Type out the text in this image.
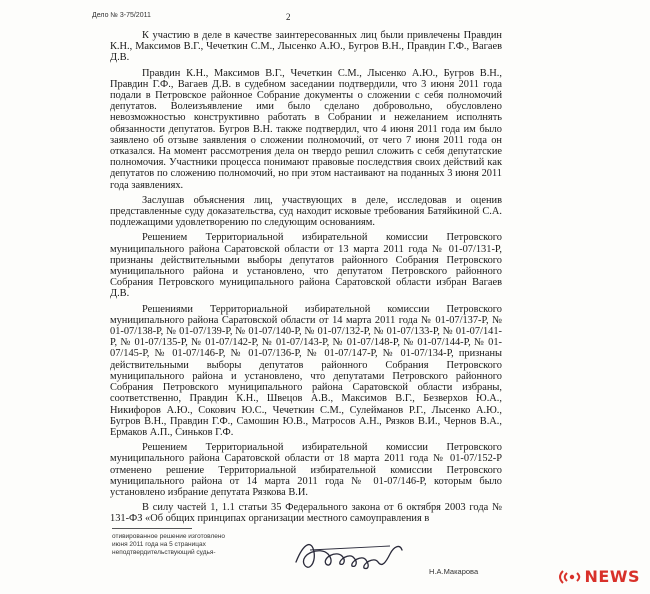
Дело № 3-75/2011	2

К участию в деле в качестве заинтересованных лиц были привлечены Правдин К.Н., Максимов В.Г., Чечеткин С.М., Лысенко А.Ю., Бугров В.Н., Правдин Г.Ф., Вагаев Д.В.

Правдин К.Н., Максимов В.Г., Чечеткин С.М., Лысенко А.Ю., Бугров В.Н., Правдин Г.Ф., Вагаев Д.В. в судебном заседании подтвердили, что 3 июня 2011 года подали в Петровское районное Собрание документы о сложении с себя полномочий депутатов. Волеизъявление ими было сделано добровольно, обусловлено невозможностью конструктивно работать в Собрании и нежеланием исполнять обязанности депутатов. Бугров В.Н. также подтвердил, что 4 июня 2011 года им было заявлено об отзыве заявления о сложении полномочий, от чего 7 июня 2011 года он отказался. На момент рассмотрения дела он твердо решил сложить с себя депутатские полномочия. Участники процесса понимают правовые последствия своих действий как депутатов по сложению полномочий, но при этом настаивают на поданных 3 июня 2011 года заявлениях.

Заслушав объяснения лиц, участвующих в деле, исследовав и оценив представленные суду доказательства, суд находит исковые требования Батяйкиной С.А. подлежащими удовлетворению по следующим основаниям.

Решением Территориальной избирательной комиссии Петровского муниципального района Саратовской области от 13 марта 2011 года № 01-07/131-Р, признаны действительными выборы депутатов районного Собрания Петровского муниципального района и установлено, что депутатом Петровского районного Собрания Петровского муниципального района Саратовской области избран Вагаев Д.В.

Решениями Территориальной избирательной комиссии Петровского муниципального района Саратовской области от 14 марта 2011 года № 01-07/137-Р, № 01-07/138-Р, № 01-07/139-Р, № 01-07/140-Р, № 01-07/132-Р, № 01-07/133-Р, № 01-07/141-Р, № 01-07/135-Р, № 01-07/142-Р, № 01-07/143-Р, № 01-07/148-Р, № 01-07/144-Р, № 01-07/145-Р, № 01-07/146-Р, № 01-07/136-Р, № 01-07/147-Р, № 01-07/134-Р, признаны действительными выборы депутатов районного Собрания Петровского муниципального района и установлено, что депутатами Петровского районного Собрания Петровского муниципального района Саратовской области избраны, соответственно, Правдин К.Н., Швецов А.В., Максимов В.Г., Безверхов Ю.А., Никифоров А.Ю., Сокович Ю.С., Чечеткин С.М., Сулейманов Р.Г., Лысенко А.Ю., Бугров В.Н., Правдин Г.Ф., Самошин Ю.В., Матросов А.Н., Рязков В.И., Чернов В.А., Ермаков А.П., Синьков Г.Ф.

Решением Территориальной избирательной комиссии Петровского муниципального района Саратовской области от 18 марта 2011 года № 01-07/152-Р отменено решение Территориальной избирательной комиссии Петровского муниципального района от 14 марта 2011 года № 01-07/146-Р, которым было установлено избрание депутата Рязкова В.И.

В силу частей 1, 1.1 статьи 35 Федерального закона от 6 октября 2003 года № 131-ФЗ «Об общих принципах организации местного самоуправления в

отивированное решение изготовлено
июня 2011 года на 5 страницах
неподтвердительствующий судья-
Н.А.Макарова	NEWS
